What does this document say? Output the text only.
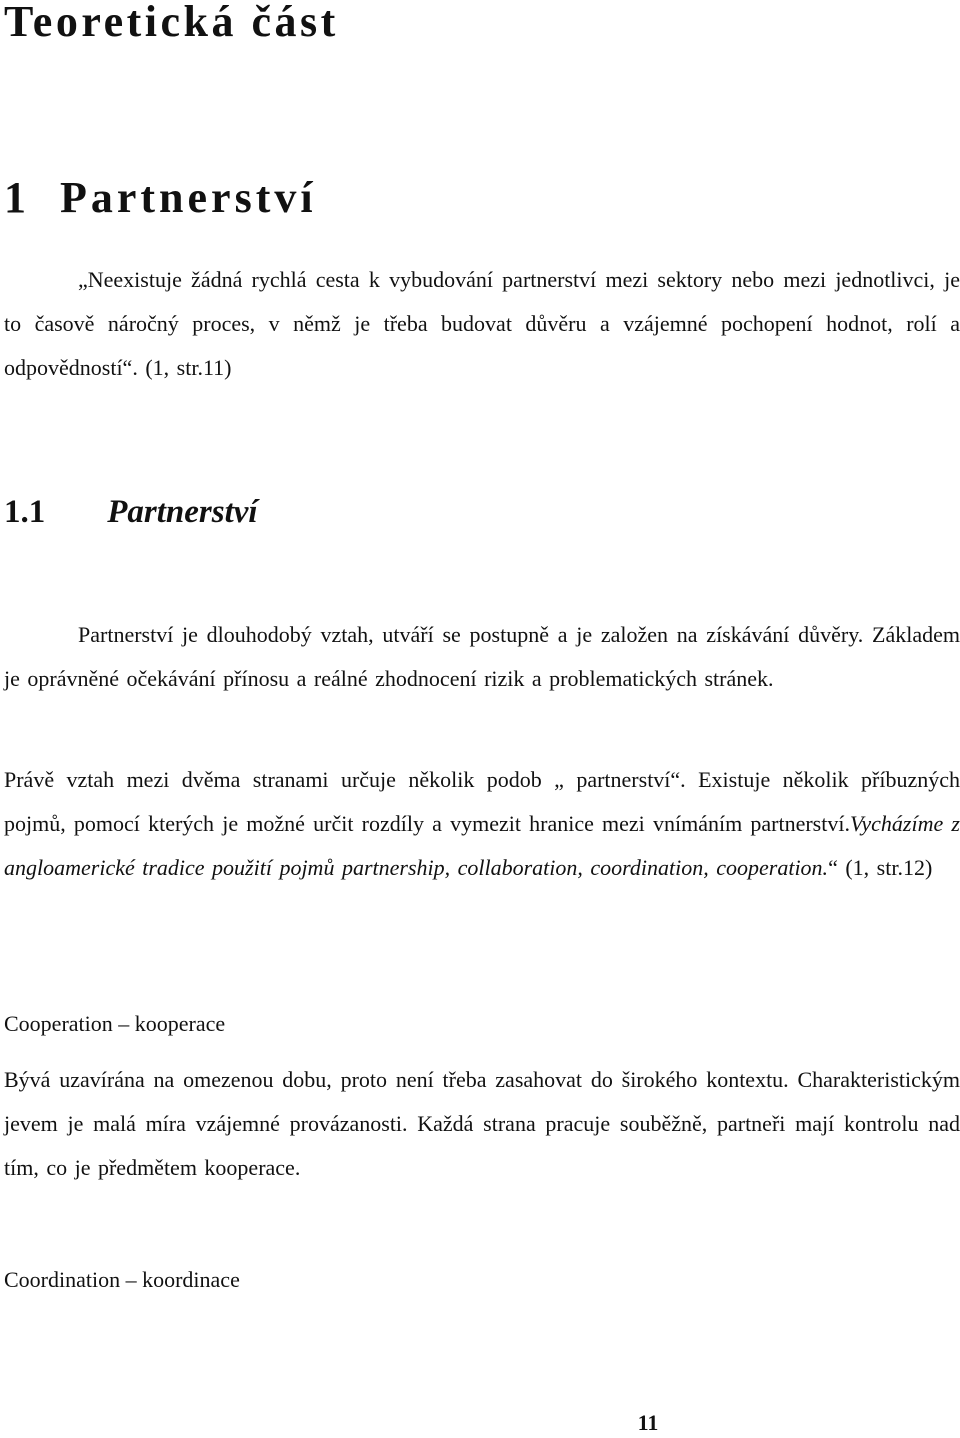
Teoretická část
1 Partnerství

„Neexistuje žádná rychlá cesta k vybudování partnerství mezi sektory nebo mezi jednotlivci, je to časově náročný proces, v němž je třeba budovat důvěru a vzájemné pochopení hodnot, rolí a odpovědností“. (1, str.11)

1.1 Partnerství

Partnerství je dlouhodobý vztah, utváří se postupně a je založen na získávání důvěry. Základem je oprávněné očekávání přínosu a reálné zhodnocení rizik a problematických stránek.

Právě vztah mezi dvěma stranami určuje několik podob „ partnerství“. Existuje několik příbuzných pojmů, pomocí kterých je možné určit rozdíly a vymezit hranice mezi vnímáním partnerství.Vycházíme z angloamerické tradice použití pojmů partnership, collaboration, coordination, cooperation.“ (1, str.12)

Cooperation – kooperace

Bývá uzavírána na omezenou dobu, proto není třeba zasahovat do širokého kontextu. Charakteristickým jevem je malá míra vzájemné provázanosti. Každá strana pracuje souběžně, partneři mají kontrolu nad tím, co je předmětem kooperace.

Coordination – koordinace

11
